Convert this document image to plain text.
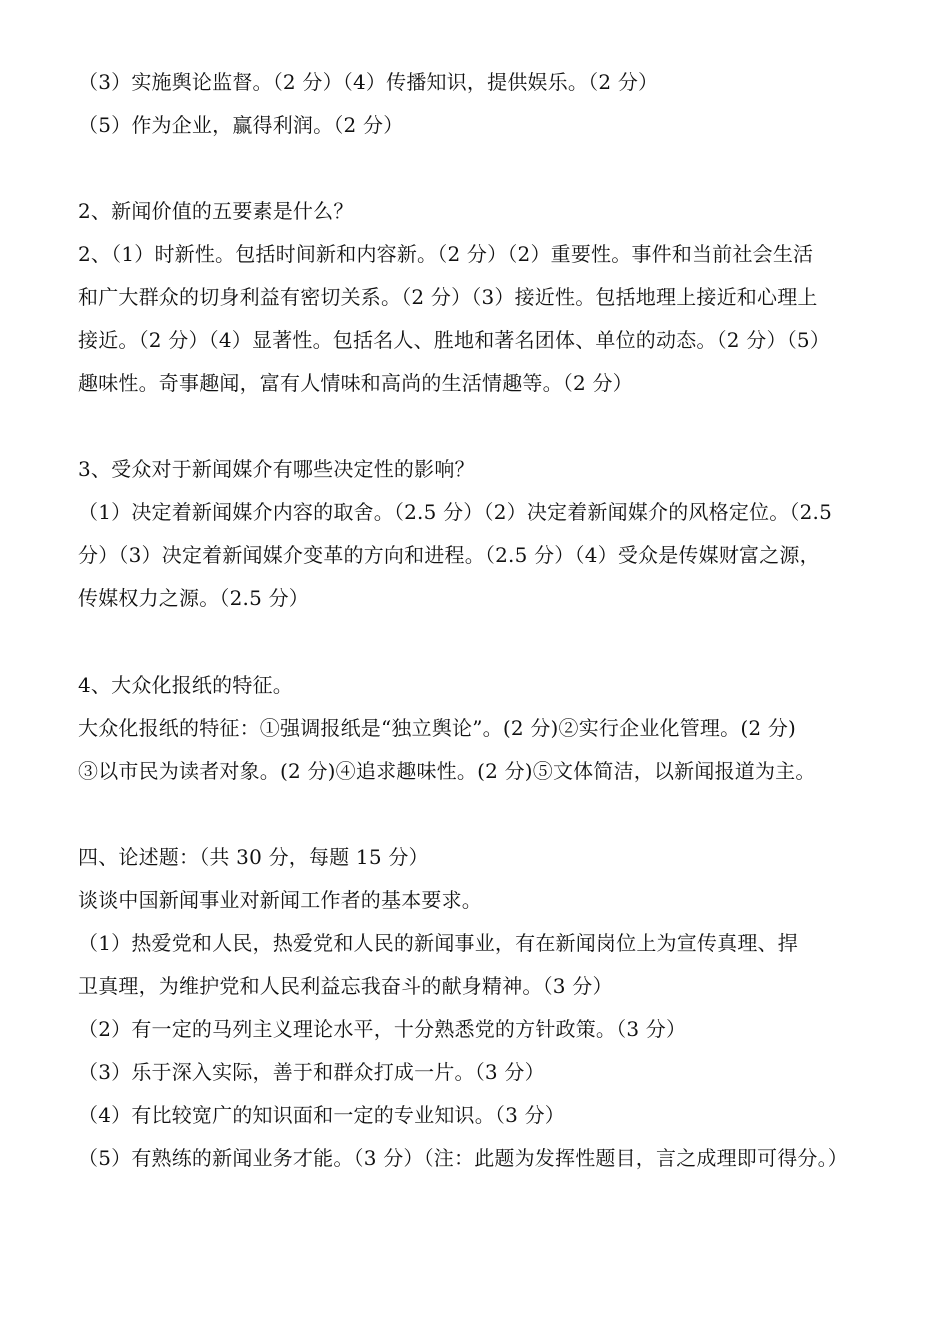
（3）实施舆论监督。（2 分）（4）传播知识，提供娱乐。（2 分）
（5）作为企业，赢得利润。（2 分）
2、新闻价值的五要素是什么？
2、（1）时新性。包括时间新和内容新。（2 分）（2）重要性。事件和当前社会生活
和广大群众的切身利益有密切关系。（2 分）（3）接近性。包括地理上接近和心理上
接近。（2 分）（4）显著性。包括名人、胜地和著名团体、单位的动态。（2 分）（5）
趣味性。奇事趣闻，富有人情味和高尚的生活情趣等。（2 分）
3、受众对于新闻媒介有哪些决定性的影响？
（1）决定着新闻媒介内容的取舍。（2.5 分）（2）决定着新闻媒介的风格定位。（2.5
分）（3）决定着新闻媒介变革的方向和进程。（2.5 分）（4）受众是传媒财富之源，
传媒权力之源。（2.5 分）
4、大众化报纸的特征。
大众化报纸的特征：①强调报纸是“独立舆论”。(2 分)②实行企业化管理。(2 分)
③以市民为读者对象。(2 分)④追求趣味性。(2 分)⑤文体简洁，以新闻报道为主。
四、论述题：（共 30 分，每题 15 分）
谈谈中国新闻事业对新闻工作者的基本要求。
（1）热爱党和人民，热爱党和人民的新闻事业，有在新闻岗位上为宣传真理、捍
卫真理，为维护党和人民利益忘我奋斗的献身精神。（3 分）
（2）有一定的马列主义理论水平，十分熟悉党的方针政策。（3 分）
（3）乐于深入实际，善于和群众打成一片。（3 分）
（4）有比较宽广的知识面和一定的专业知识。（3 分）
（5）有熟练的新闻业务才能。（3 分）（注：此题为发挥性题目，言之成理即可得分。）
